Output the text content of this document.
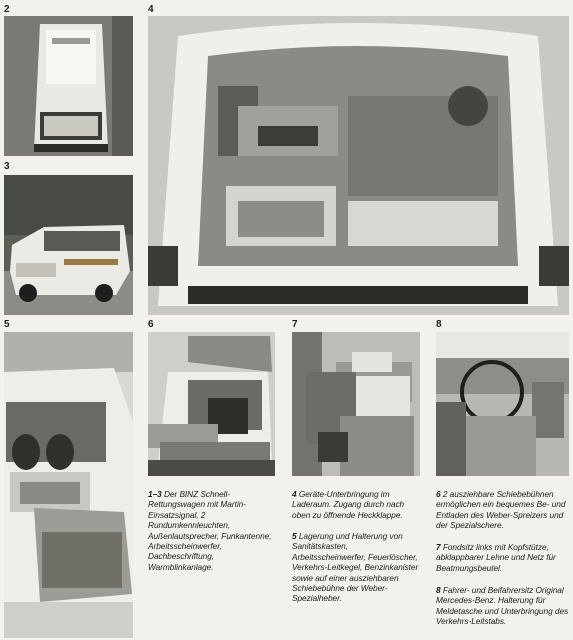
2
3
4
5	6	7	8

1–3 Der BINZ Schnell-Rettungswagen mit Martin-Einsatzsignal, 2 Rundumkennleuchten, Außenlautsprecher, Funkantenne, Arbeitsscheinwerfer, Dachbeschriftung, Warmblinkanlage.

4 Geräte-Unterbringung im Laderaum. Zugang durch nach oben zu öffnende Heckklappe.

5 Lagerung und Halterung von Sanitätskasten, Arbeitsscheinwerfer, Feuerlöscher, Verkehrs-Leitkegel, Benzinkanister sowie auf einer ausziehbaren Schiebebühne der Weber-Spezialheber.

6 2 ausziehbare Schiebebühnen ermöglichen ein bequemes Be- und Entladen des Weber-Spreizers und der Spezialschere.

7 Fondsitz links mit Kopfstütze, abklappbarer Lehne und Netz für Beatmungsbeutel.

8 Fahrer- und Beifahrersitz Original Mercedes-Benz. Halterung für Meldetasche und Unterbringung des Verkehrs-Leitstabs.
